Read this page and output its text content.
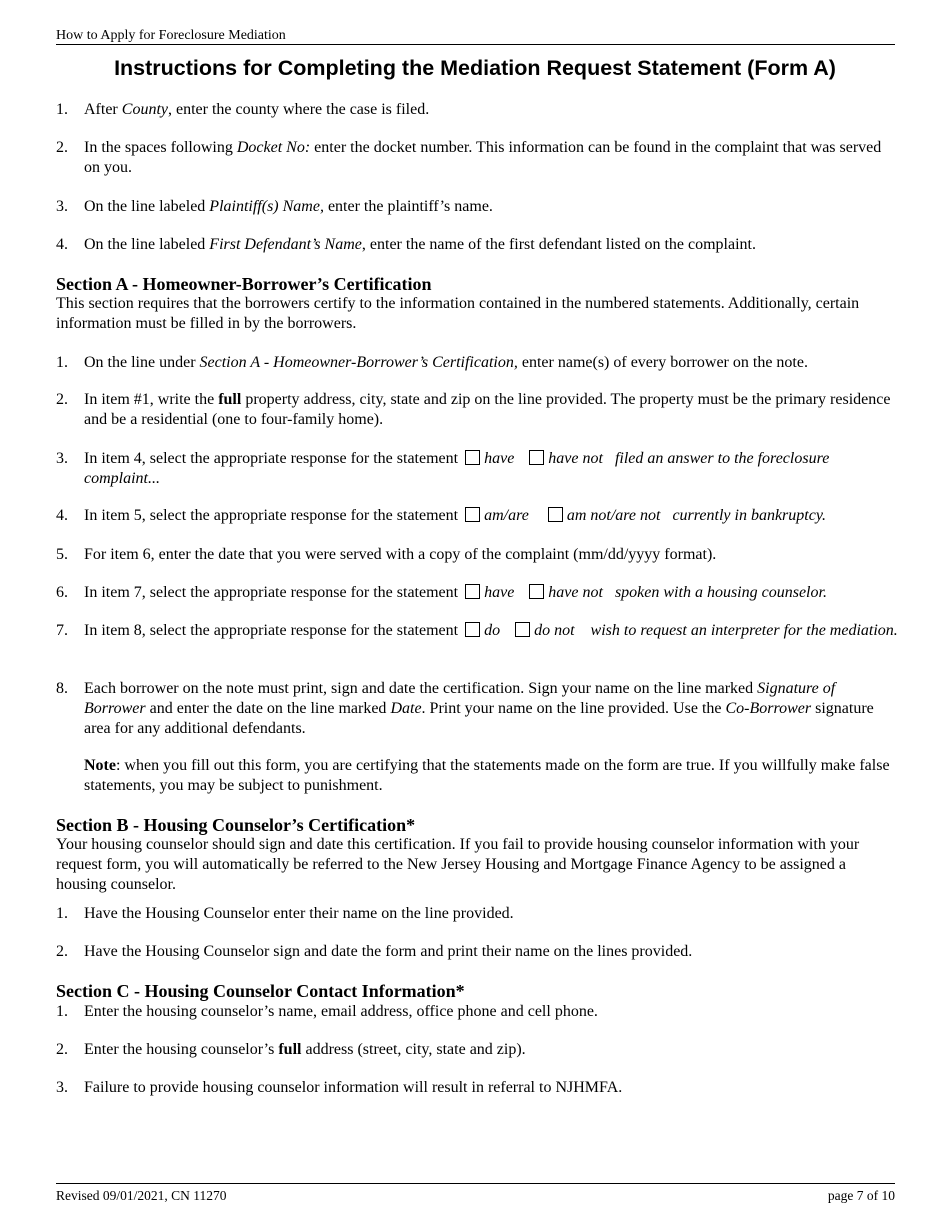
How to Apply for Foreclosure Mediation
Instructions for Completing the Mediation Request Statement (Form A)
1. After County, enter the county where the case is filed.
2. In the spaces following Docket No: enter the docket number. This information can be found in the complaint that was served on you.
3. On the line labeled Plaintiff(s) Name, enter the plaintiff’s name.
4. On the line labeled First Defendant’s Name, enter the name of the first defendant listed on the complaint.
Section A - Homeowner-Borrower’s Certification
This section requires that the borrowers certify to the information contained in the numbered statements. Additionally, certain information must be filled in by the borrowers.
1. On the line under Section A - Homeowner-Borrower’s Certification, enter name(s) of every borrower on the note.
2. In item #1, write the full property address, city, state and zip on the line provided. The property must be the primary residence and be a residential (one to four-family home).
3. In item 4, select the appropriate response for the statement have have not filed an answer to the foreclosure complaint...
4. In item 5, select the appropriate response for the statement am/are am not/are not currently in bankruptcy.
5. For item 6, enter the date that you were served with a copy of the complaint (mm/dd/yyyy format).
6. In item 7, select the appropriate response for the statement have have not spoken with a housing counselor.
7. In item 8, select the appropriate response for the statement do do not wish to request an interpreter for the mediation.
8. Each borrower on the note must print, sign and date the certification. Sign your name on the line marked Signature of Borrower and enter the date on the line marked Date. Print your name on the line provided. Use the Co-Borrower signature area for any additional defendants.
Note: when you fill out this form, you are certifying that the statements made on the form are true. If you willfully make false statements, you may be subject to punishment.
Section B - Housing Counselor’s Certification*
Your housing counselor should sign and date this certification. If you fail to provide housing counselor information with your request form, you will automatically be referred to the New Jersey Housing and Mortgage Finance Agency to be assigned a housing counselor.
1. Have the Housing Counselor enter their name on the line provided.
2. Have the Housing Counselor sign and date the form and print their name on the lines provided.
Section C - Housing Counselor Contact Information*
1. Enter the housing counselor’s name, email address, office phone and cell phone.
2. Enter the housing counselor’s full address (street, city, state and zip).
3. Failure to provide housing counselor information will result in referral to NJHMFA.
Revised 09/01/2021, CN 11270	page 7 of 10
